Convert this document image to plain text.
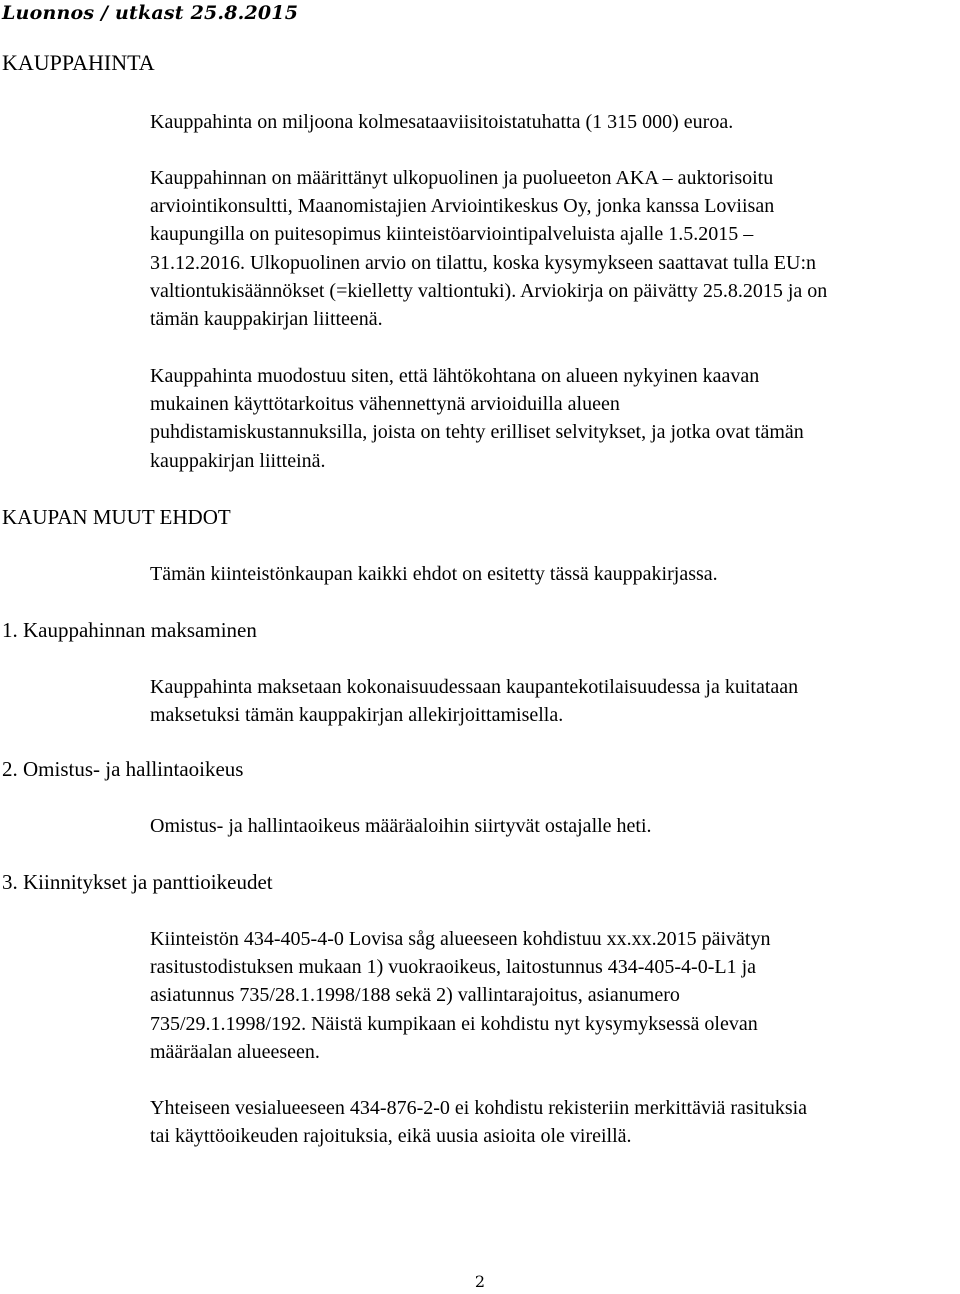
Luonnos / utkast 25.8.2015
KAUPPAHINTA
Kauppahinta on miljoona kolmesataaviisitoistatuhatta (1 315 000) euroa.
Kauppahinnan on määrittänyt ulkopuolinen ja puolueeton AKA – auktorisoitu
arviointikonsultti, Maanomistajien Arviointikeskus Oy, jonka kanssa Loviisan
kaupungilla on puitesopimus kiinteistöarviointipalveluista ajalle 1.5.2015 –
31.12.2016. Ulkopuolinen arvio on tilattu, koska kysymykseen saattavat tulla EU:n
valtiontukisäännökset (=kielletty valtiontuki). Arviokirja on päivätty 25.8.2015 ja on
tämän kauppakirjan liitteenä.
Kauppahinta muodostuu siten, että lähtökohtana on alueen nykyinen kaavan
mukainen käyttötarkoitus vähennettynä arvioiduilla alueen
puhdistamiskustannuksilla, joista on tehty erilliset selvitykset, ja jotka ovat tämän
kauppakirjan liitteinä.
KAUPAN MUUT EHDOT
Tämän kiinteistönkaupan kaikki ehdot on esitetty tässä kauppakirjassa.
1. Kauppahinnan maksaminen
Kauppahinta maksetaan kokonaisuudessaan kaupantekotilaisuudessa ja kuitataan
maksetuksi tämän kauppakirjan allekirjoittamisella.
2. Omistus- ja hallintaoikeus
Omistus- ja hallintaoikeus määräaloihin siirtyvät ostajalle heti.
3. Kiinnitykset ja panttioikeudet
Kiinteistön 434-405-4-0 Lovisa såg alueeseen kohdistuu xx.xx.2015 päivätyn
rasitustodistuksen mukaan 1) vuokraoikeus, laitostunnus 434-405-4-0-L1 ja
asiatunnus 735/28.1.1998/188 sekä 2) vallintarajoitus, asianumero
735/29.1.1998/192. Näistä kumpikaan ei kohdistu nyt kysymyksessä olevan
määräalan alueeseen.
Yhteiseen vesialueeseen 434-876-2-0 ei kohdistu rekisteriin merkittäviä rasituksia
tai käyttöoikeuden rajoituksia, eikä uusia asioita ole vireillä.
2
